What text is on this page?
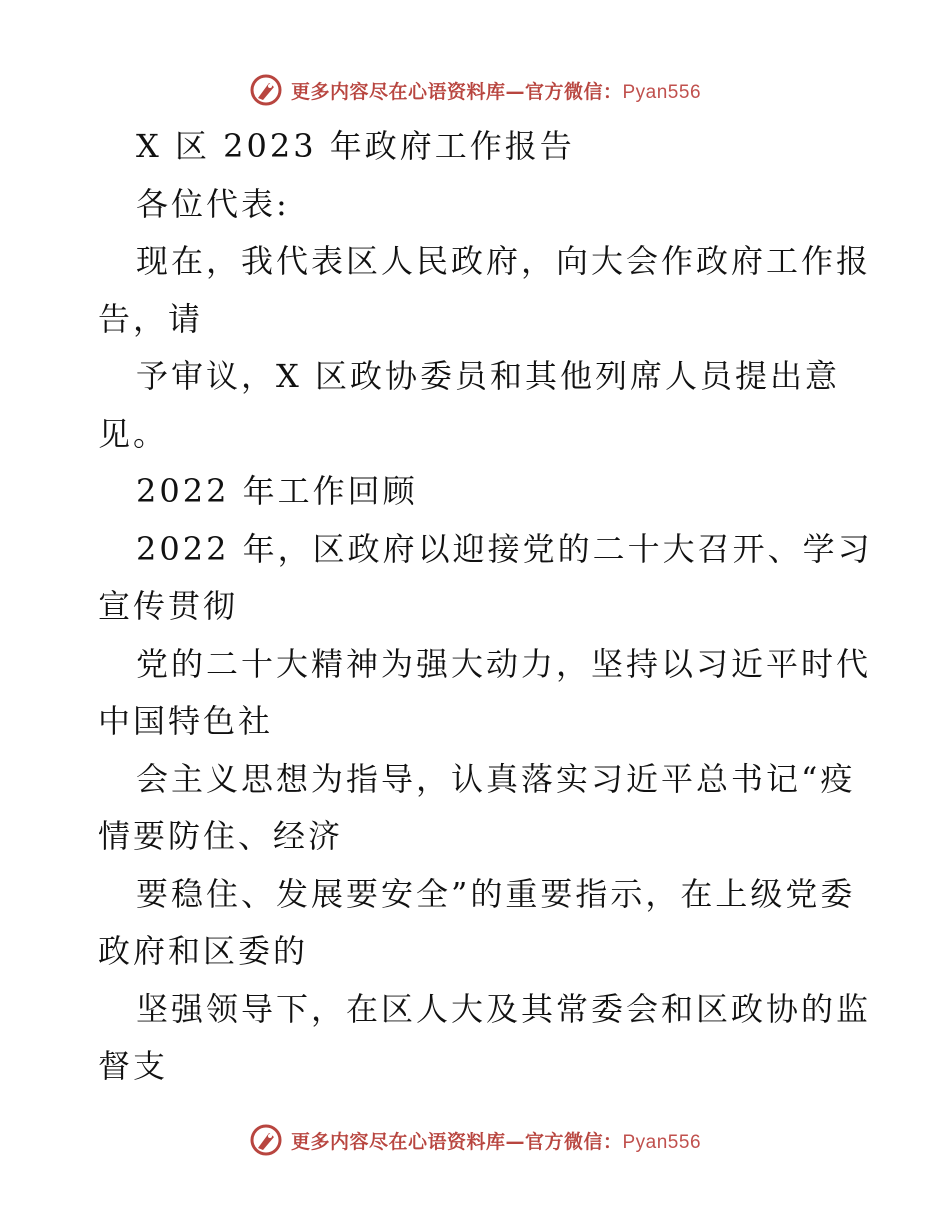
更多内容尽在心语资料库—官方微信：Pyan556
X 区 2023 年政府工作报告
各位代表:
现在，我代表区人民政府，向大会作政府工作报
告，请
予审议，X 区政协委员和其他列席人员提出意
见。
2022 年工作回顾
2022 年，区政府以迎接党的二十大召开、学习
宣传贯彻
党的二十大精神为强大动力，坚持以习近平时代
中国特色社
会主义思想为指导，认真落实习近平总书记“疫
情要防住、经济
要稳住、发展要安全”的重要指示，在上级党委
政府和区委的
坚强领导下，在区人大及其常委会和区政协的监
督支
更多内容尽在心语资料库—官方微信：Pyan556
